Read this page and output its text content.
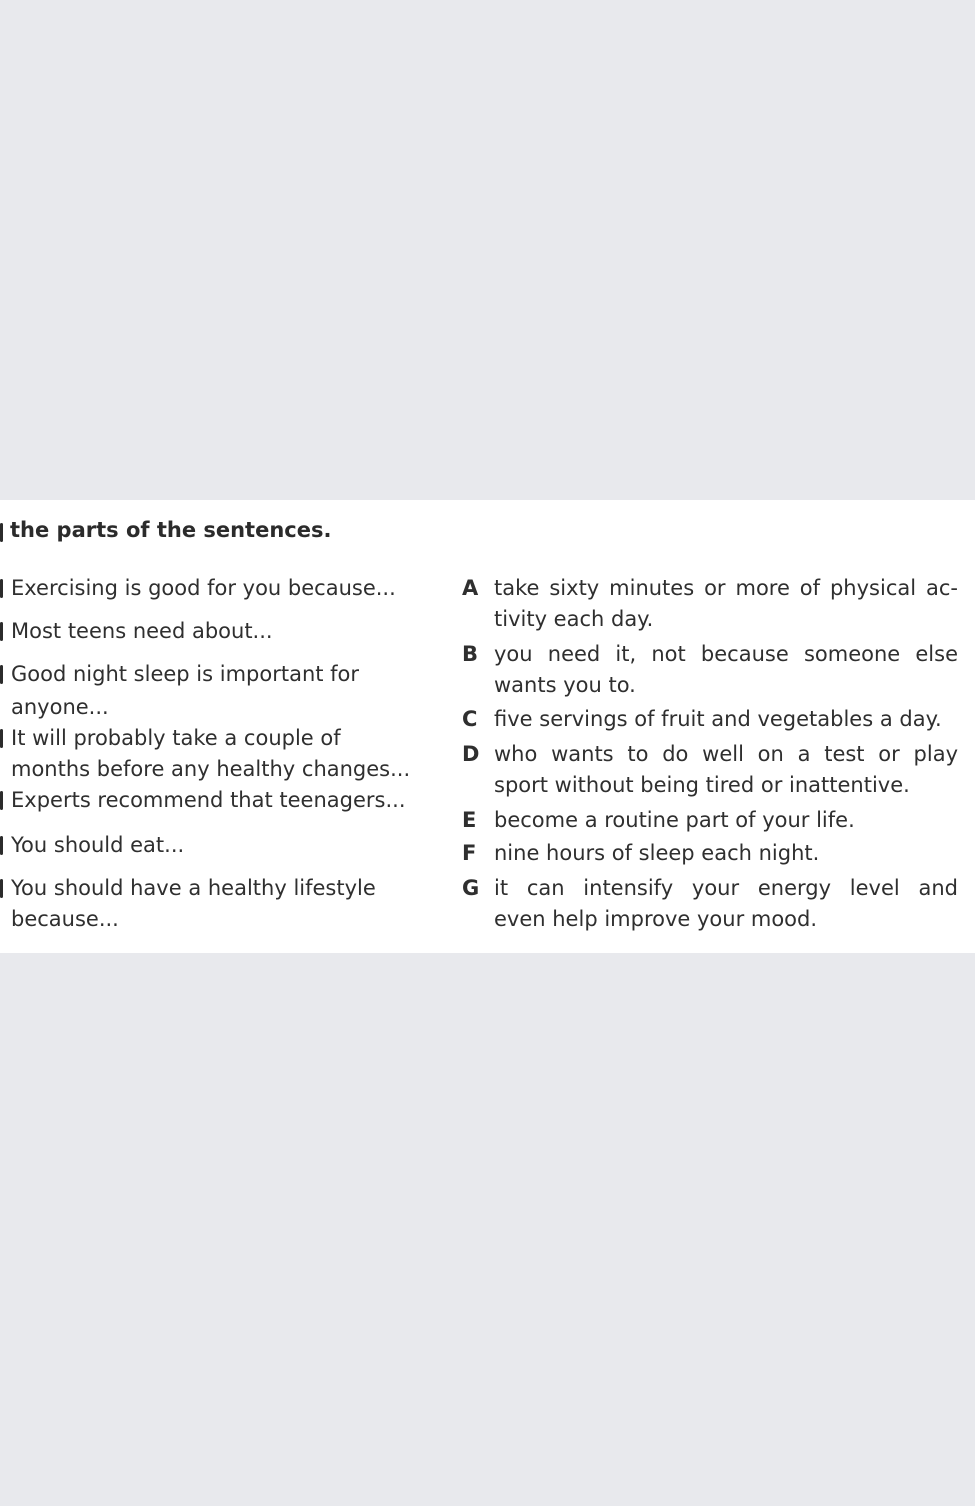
the parts of the sentences.
Exercising is good for you because...
Most teens need about...
Good night sleep is important for
anyone...
It will probably take a couple of
months before any healthy changes...
Experts recommend that teenagers...
You should eat...
You should have a healthy lifestyle
because...
A take sixty minutes or more of physical ac-
tivity each day.
B you need it, not because someone else
wants you to.
C five servings of fruit and vegetables a day.
D who wants to do well on a test or play
sport without being tired or inattentive.
E become a routine part of your life.
F nine hours of sleep each night.
G it can intensify your energy level and
even help improve your mood.
